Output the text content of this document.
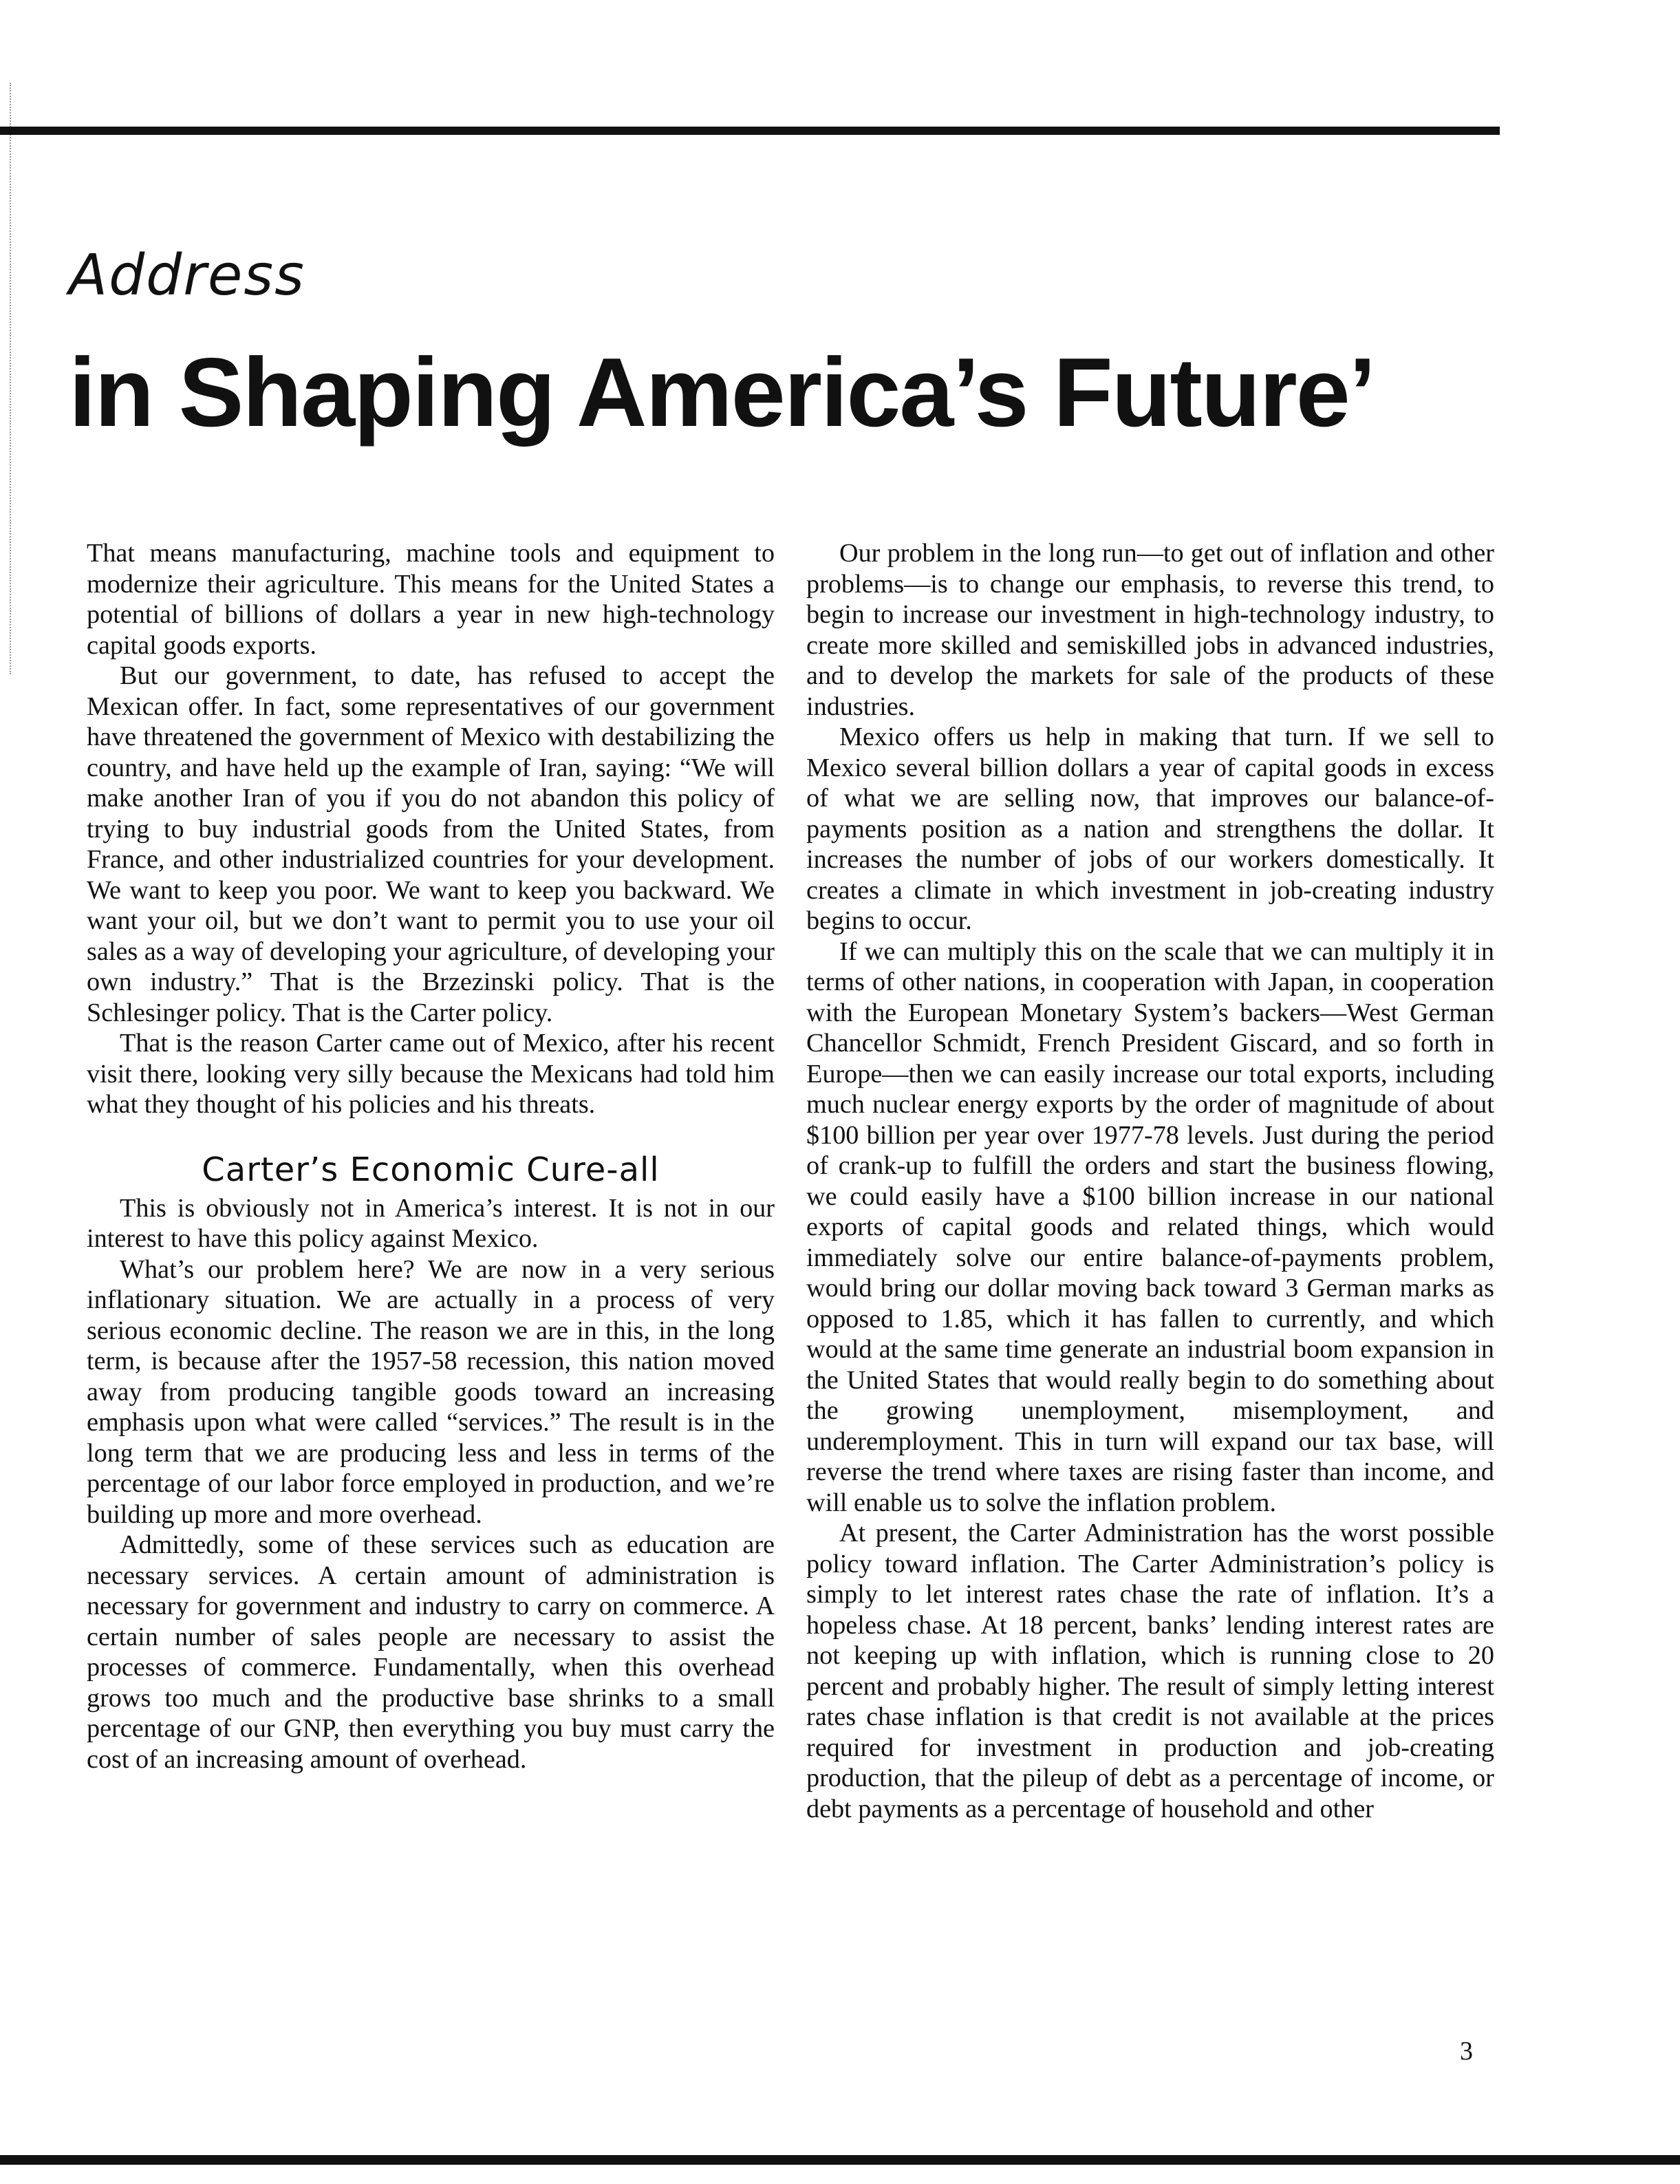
Address
in Shaping America’s Future’

That means manufacturing, machine tools and equipment to modernize their agriculture. This means for the United States a potential of billions of dollars a year in new high-technology capital goods exports.

But our government, to date, has refused to accept the Mexican offer. In fact, some representatives of our government have threatened the government of Mexico with destabilizing the country, and have held up the example of Iran, saying: “We will make another Iran of you if you do not abandon this policy of trying to buy industrial goods from the United States, from France, and other industrialized countries for your development. We want to keep you poor. We want to keep you backward. We want your oil, but we don’t want to permit you to use your oil sales as a way of developing your agriculture, of developing your own industry.” That is the Brzezinski policy. That is the Schlesinger policy. That is the Carter policy.

That is the reason Carter came out of Mexico, after his recent visit there, looking very silly because the Mexicans had told him what they thought of his policies and his threats.

Carter’s Economic Cure-all

This is obviously not in America’s interest. It is not in our interest to have this policy against Mexico.

What’s our problem here? We are now in a very serious inflationary situation. We are actually in a process of very serious economic decline. The reason we are in this, in the long term, is because after the 1957-58 recession, this nation moved away from producing tangible goods toward an increasing emphasis upon what were called “services.” The result is in the long term that we are producing less and less in terms of the percentage of our labor force employed in production, and we’re building up more and more overhead.

Admittedly, some of these services such as education are necessary services. A certain amount of administration is necessary for government and industry to carry on commerce. A certain number of sales people are necessary to assist the processes of commerce. Fundamentally, when this overhead grows too much and the productive base shrinks to a small percentage of our GNP, then everything you buy must carry the cost of an increasing amount of overhead.

Our problem in the long run—to get out of inflation and other problems—is to change our emphasis, to reverse this trend, to begin to increase our investment in high-technology industry, to create more skilled and semiskilled jobs in advanced industries, and to develop the markets for sale of the products of these industries.

Mexico offers us help in making that turn. If we sell to Mexico several billion dollars a year of capital goods in excess of what we are selling now, that improves our balance-of-payments position as a nation and strengthens the dollar. It increases the number of jobs of our workers domestically. It creates a climate in which investment in job-creating industry begins to occur.

If we can multiply this on the scale that we can multiply it in terms of other nations, in cooperation with Japan, in cooperation with the European Monetary System’s backers—West German Chancellor Schmidt, French President Giscard, and so forth in Europe—then we can easily increase our total exports, including much nuclear energy exports by the order of magnitude of about $100 billion per year over 1977-78 levels. Just during the period of crank-up to fulfill the orders and start the business flowing, we could easily have a $100 billion increase in our national exports of capital goods and related things, which would immediately solve our entire balance-of-payments problem, would bring our dollar moving back toward 3 German marks as opposed to 1.85, which it has fallen to currently, and which would at the same time generate an industrial boom expansion in the United States that would really begin to do something about the growing unemployment, misemployment, and underemployment. This in turn will expand our tax base, will reverse the trend where taxes are rising faster than income, and will enable us to solve the inflation problem.

At present, the Carter Administration has the worst possible policy toward inflation. The Carter Administration’s policy is simply to let interest rates chase the rate of inflation. It’s a hopeless chase. At 18 percent, banks’ lending interest rates are not keeping up with inflation, which is running close to 20 percent and probably higher. The result of simply letting interest rates chase inflation is that credit is not available at the prices required for investment in production and job-creating production, that the pileup of debt as a percentage of income, or debt payments as a percentage of household and other

3
